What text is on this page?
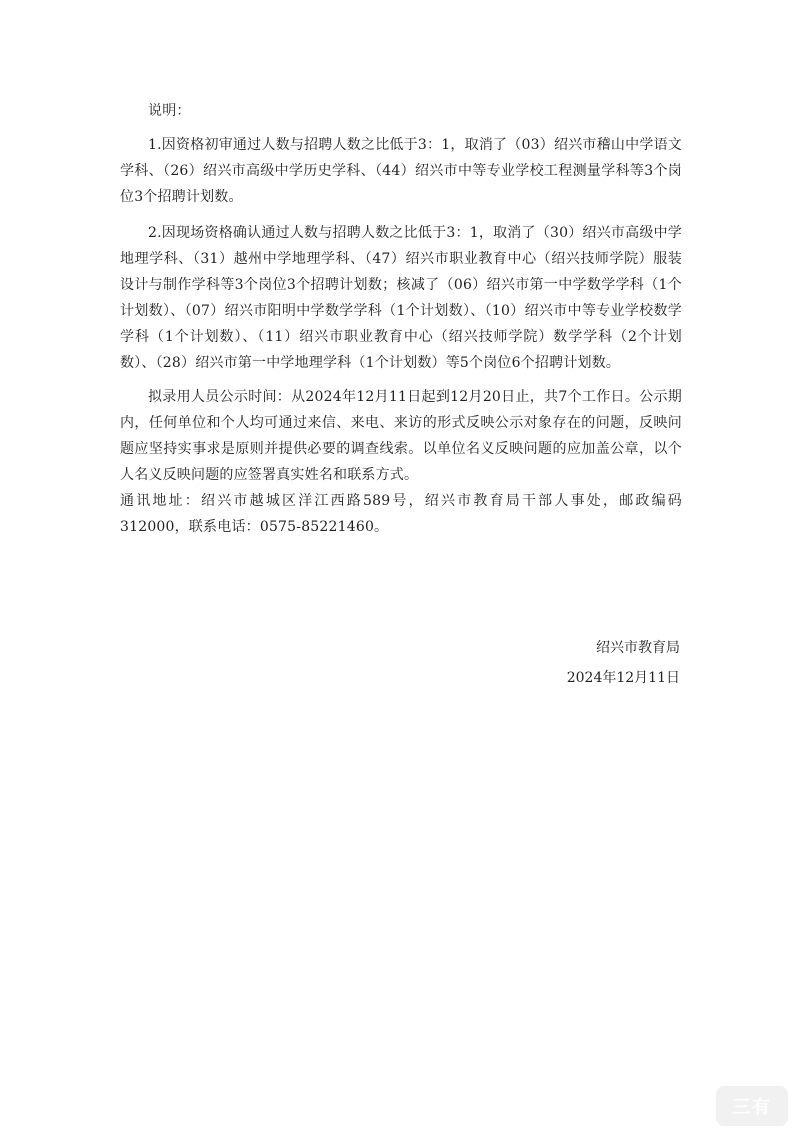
说明：

1.因资格初审通过人数与招聘人数之比低于3：1，取消了（03）绍兴市稽山中学语文学科、（26）绍兴市高级中学历史学科、（44）绍兴市中等专业学校工程测量学科等3个岗位3个招聘计划数。

2.因现场资格确认通过人数与招聘人数之比低于3：1，取消了（30）绍兴市高级中学地理学科、（31）越州中学地理学科、（47）绍兴市职业教育中心（绍兴技师学院）服装设计与制作学科等3个岗位3个招聘计划数；核减了（06）绍兴市第一中学数学学科（1个计划数）、（07）绍兴市阳明中学数学学科（1个计划数）、（10）绍兴市中等专业学校数学学科（1个计划数）、（11）绍兴市职业教育中心（绍兴技师学院）数学学科（2个计划数）、（28）绍兴市第一中学地理学科（1个计划数）等5个岗位6个招聘计划数。

拟录用人员公示时间：从2024年12月11日起到12月20日止，共7个工作日。公示期内，任何单位和个人均可通过来信、来电、来访的形式反映公示对象存在的问题，反映问题应坚持实事求是原则并提供必要的调查线索。以单位名义反映问题的应加盖公章，以个人名义反映问题的应签署真实姓名和联系方式。

通讯地址：绍兴市越城区洋江西路589号，绍兴市教育局干部人事处，邮政编码312000，联系电话：0575-85221460。

绍兴市教育局
2024年12月11日
三有
